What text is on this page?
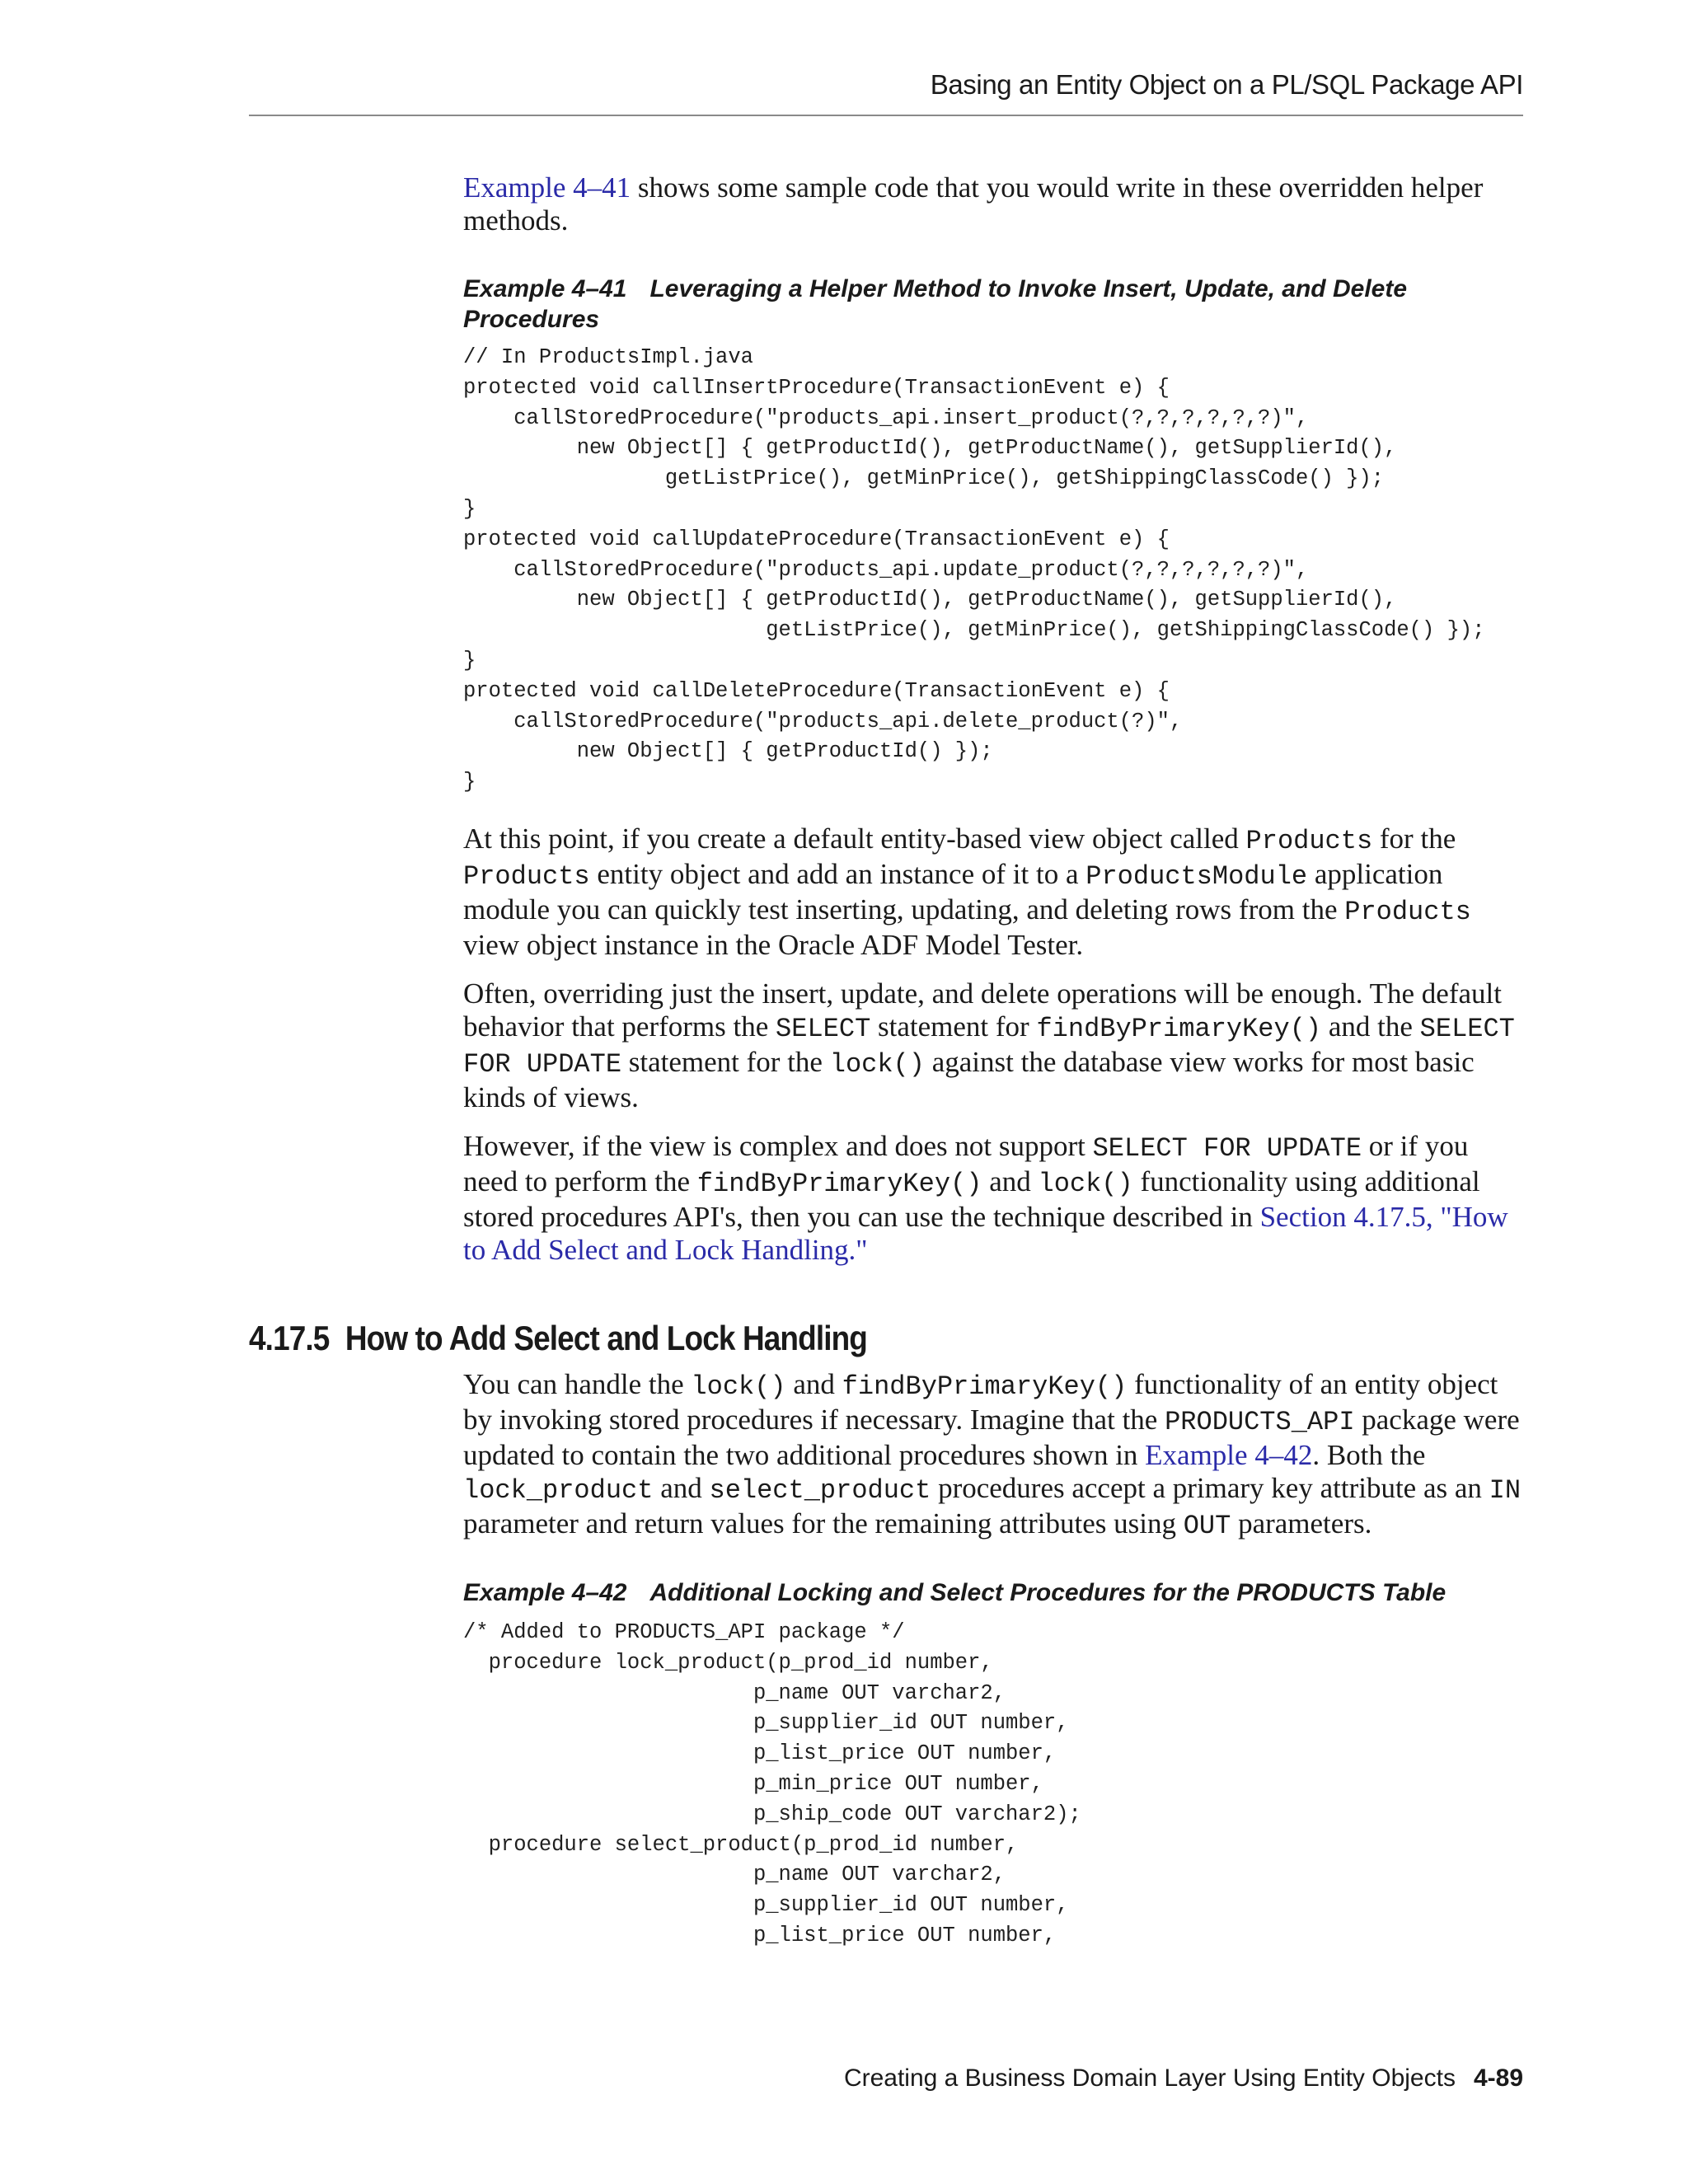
Basing an Entity Object on a PL/SQL Package API

Example 4–41 shows some sample code that you would write in these overridden helper methods.

Example 4–41 Leveraging a Helper Method to Invoke Insert, Update, and Delete Procedures
// In ProductsImpl.java
protected void callInsertProcedure(TransactionEvent e) {
callStoredProcedure("products_api.insert_product(?,?,?,?,?,?)",
new Object[] { getProductId(), getProductName(), getSupplierId(),
getListPrice(), getMinPrice(), getShippingClassCode() });
}
protected void callUpdateProcedure(TransactionEvent e) {
callStoredProcedure("products_api.update_product(?,?,?,?,?,?)",
new Object[] { getProductId(), getProductName(), getSupplierId(),
getListPrice(), getMinPrice(), getShippingClassCode() });
}
protected void callDeleteProcedure(TransactionEvent e) {
callStoredProcedure("products_api.delete_product(?)",
new Object[] { getProductId() });
}

At this point, if you create a default entity-based view object called Products for the Products entity object and add an instance of it to a ProductsModule application module you can quickly test inserting, updating, and deleting rows from the Products view object instance in the Oracle ADF Model Tester.

Often, overriding just the insert, update, and delete operations will be enough. The default behavior that performs the SELECT statement for findByPrimaryKey() and the SELECT FOR UPDATE statement for the lock() against the database view works for most basic kinds of views.

However, if the view is complex and does not support SELECT FOR UPDATE or if you need to perform the findByPrimaryKey() and lock() functionality using additional stored procedures API's, then you can use the technique described in Section 4.17.5, "How to Add Select and Lock Handling."

4.17.5 How to Add Select and Lock Handling

You can handle the lock() and findByPrimaryKey() functionality of an entity object by invoking stored procedures if necessary. Imagine that the PRODUCTS_API package were updated to contain the two additional procedures shown in Example 4–42. Both the lock_product and select_product procedures accept a primary key attribute as an IN parameter and return values for the remaining attributes using OUT parameters.

Example 4–42 Additional Locking and Select Procedures for the PRODUCTS Table
/* Added to PRODUCTS_API package */
procedure lock_product(p_prod_id number,
p_name OUT varchar2,
p_supplier_id OUT number,
p_list_price OUT number,
p_min_price OUT number,
p_ship_code OUT varchar2);
procedure select_product(p_prod_id number,
p_name OUT varchar2,
p_supplier_id OUT number,
p_list_price OUT number,
Creating a Business Domain Layer Using Entity Objects 4-89
